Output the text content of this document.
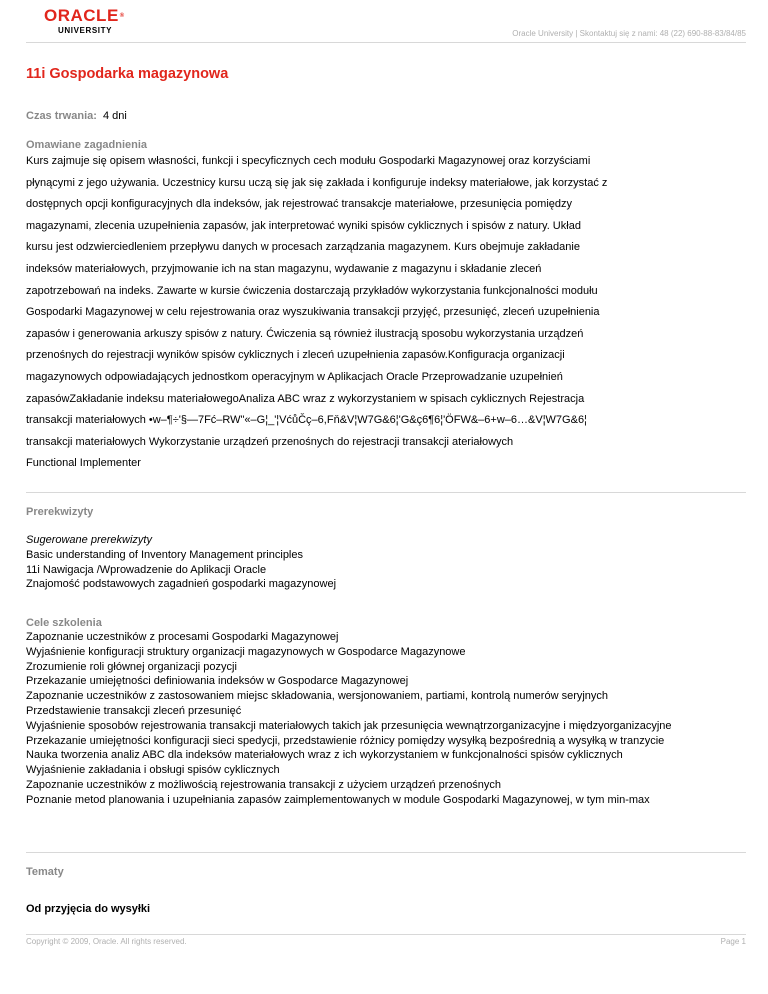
ORACLE®
UNIVERSITY	Oracle University | Skontaktuj się z nami: 48 (22) 690-88-83/84/85
11i Gospodarka magazynowa
Czas trwania: 4 dni
Omawiane zagadnienia
Kurs zajmuje się opisem własności, funkcji i specyficznych cech modułu Gospodarki Magazynowej oraz korzyściami
płynącymi z jego używania. Uczestnicy kursu uczą się jak się zakłada i konfiguruje indeksy materiałowe, jak korzystać z
dostępnych opcji konfiguracyjnych dla indeksów, jak rejestrować transakcje materiałowe, przesunięcia pomiędzy
magazynami, zlecenia uzupełnienia zapasów, jak interpretować wyniki spisów cyklicznych i spisów z natury. Układ
kursu jest odzwierciedleniem przepływu danych w procesach zarządzania magazynem. Kurs obejmuje zakładanie
indeksów materiałowych, przyjmowanie ich na stan magazynu, wydawanie z magazynu i składanie zleceń
zapotrzebowań na indeks. Zawarte w kursie ćwiczenia dostarczają przykładów wykorzystania funkcjonalności modułu
Gospodarki Magazynowej w celu rejestrowania oraz wyszukiwania transakcji przyjęć, przesunięć, zleceń uzupełnienia
zapasów i generowania arkuszy spisów z natury. Ćwiczenia są również ilustracją sposobu wykorzystania urządzeń
przenośnych do rejestracji wyników spisów cyklicznych i zleceń uzupełnienia zapasów.Konfiguracja organizacji
magazynowych odpowiadających jednostkom operacyjnym w Aplikacjach Oracle Przeprowadzanie uzupełnień
zapasówZakładanie indeksu materiałowegoAnaliza ABC wraz z wykorzystaniem w spisach cyklicznych Rejestracja
transakcji materiałowych •w–¶÷'§—7Fć–RW"«–G¦_'¦VćůČç–6,Fň&V¦W7G&6¦'G&ç6¶6¦'ÖFW&–6+w–6…&V¦W7G&6¦
transakcji materiałowych Wykorzystanie urządzeń przenośnych do rejestracji transakcji ateriałowych
Functional Implementer
Prerekwizyty
Sugerowane prerekwizyty
Basic understanding of Inventory Management principles
11i Nawigacja /Wprowadzenie do Aplikacji Oracle
Znajomość podstawowych zagadnień gospodarki magazynowej
Cele szkolenia
Zapoznanie uczestników z procesami Gospodarki Magazynowej
Wyjaśnienie konfiguracji struktury organizacji magazynowych w Gospodarce Magazynowe
Zrozumienie roli głównej organizacji pozycji
Przekazanie umiejętności definiowania indeksów w Gospodarce Magazynowej
Zapoznanie uczestników z zastosowaniem miejsc składowania, wersjonowaniem, partiami, kontrolą numerów seryjnych
Przedstawienie transakcji zleceń przesunięć
Wyjaśnienie sposobów rejestrowania transakcji materiałowych takich jak przesunięcia wewnątrzorganizacyjne i międzyorganizacyjne
Przekazanie umiejętności konfiguracji sieci spedycji, przedstawienie różnicy pomiędzy wysyłką bezpośrednią a wysyłką w tranzycie
Nauka tworzenia analiz ABC dla indeksów materiałowych wraz z ich wykorzystaniem w funkcjonalności spisów cyklicznych
Wyjaśnienie zakładania i obsługi spisów cyklicznych
Zapoznanie uczestników z możliwością rejestrowania transakcji z użyciem urządzeń przenośnych
Poznanie metod planowania i uzupełniania zapasów zaimplementowanych w module Gospodarki Magazynowej, w tym min-max
Tematy
Od przyjęcia do wysyłki
Copyright © 2009, Oracle. All rights reserved.	Page 1
